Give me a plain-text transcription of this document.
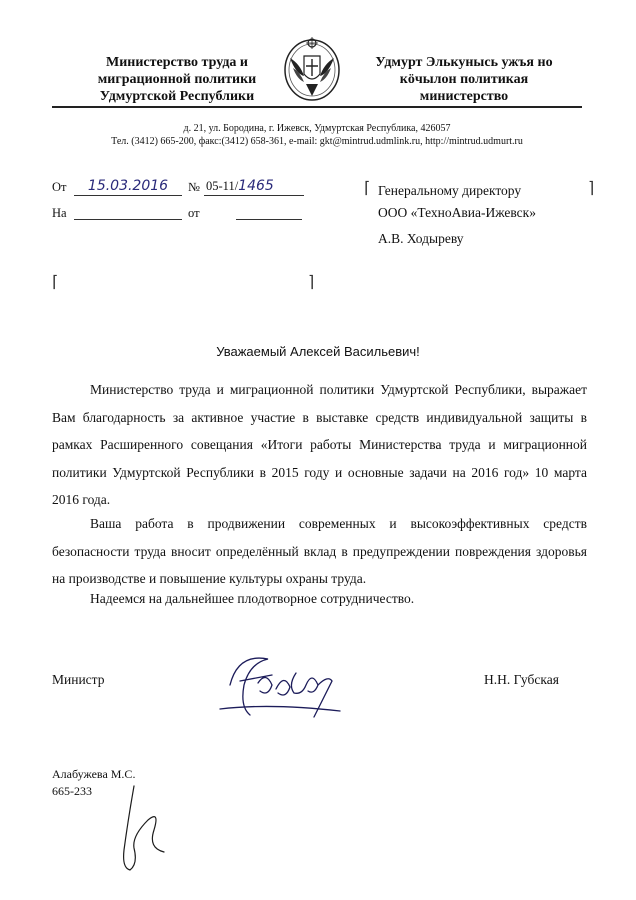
Министерство труда и
миграционной политики
Удмуртской Республики
Удмурт Элькунысь ужъя но
кӧчылон политикая
министерство
д. 21, ул. Бородина, г. Ижевск, Удмуртская Республика, 426057
Тел. (3412) 665-200, факс:(3412) 658-361, e-mail: gkt@mintrud.udmlink.ru, http://mintrud.udmurt.ru
От	15.03.2016	№ 05-11/1465
На	от
⌈	⌉
Генеральному директору
ООО «ТехноАвиа-Ижевск»
А.В. Ходыреву
⌈	⌉
Уважаемый Алексей Васильевич!
Министерство труда и миграционной политики Удмуртской Республики, выражает Вам благодарность за активное участие в выставке средств индивидуальной защиты в рамках Расширенного совещания «Итоги работы Министерства труда и миграционной политики Удмуртской Республики в 2015 году и основные задачи на 2016 год» 10 марта 2016 года.
Ваша работа в продвижении современных и высокоэффективных средств безопасности труда вносит определённый вклад в предупреждении повреждения здоровья на производстве и повышение культуры охраны труда.
Надеемся на дальнейшее плодотворное сотрудничество.
Министр	Н.Н. Губская
Алабужева М.С.
665-233
